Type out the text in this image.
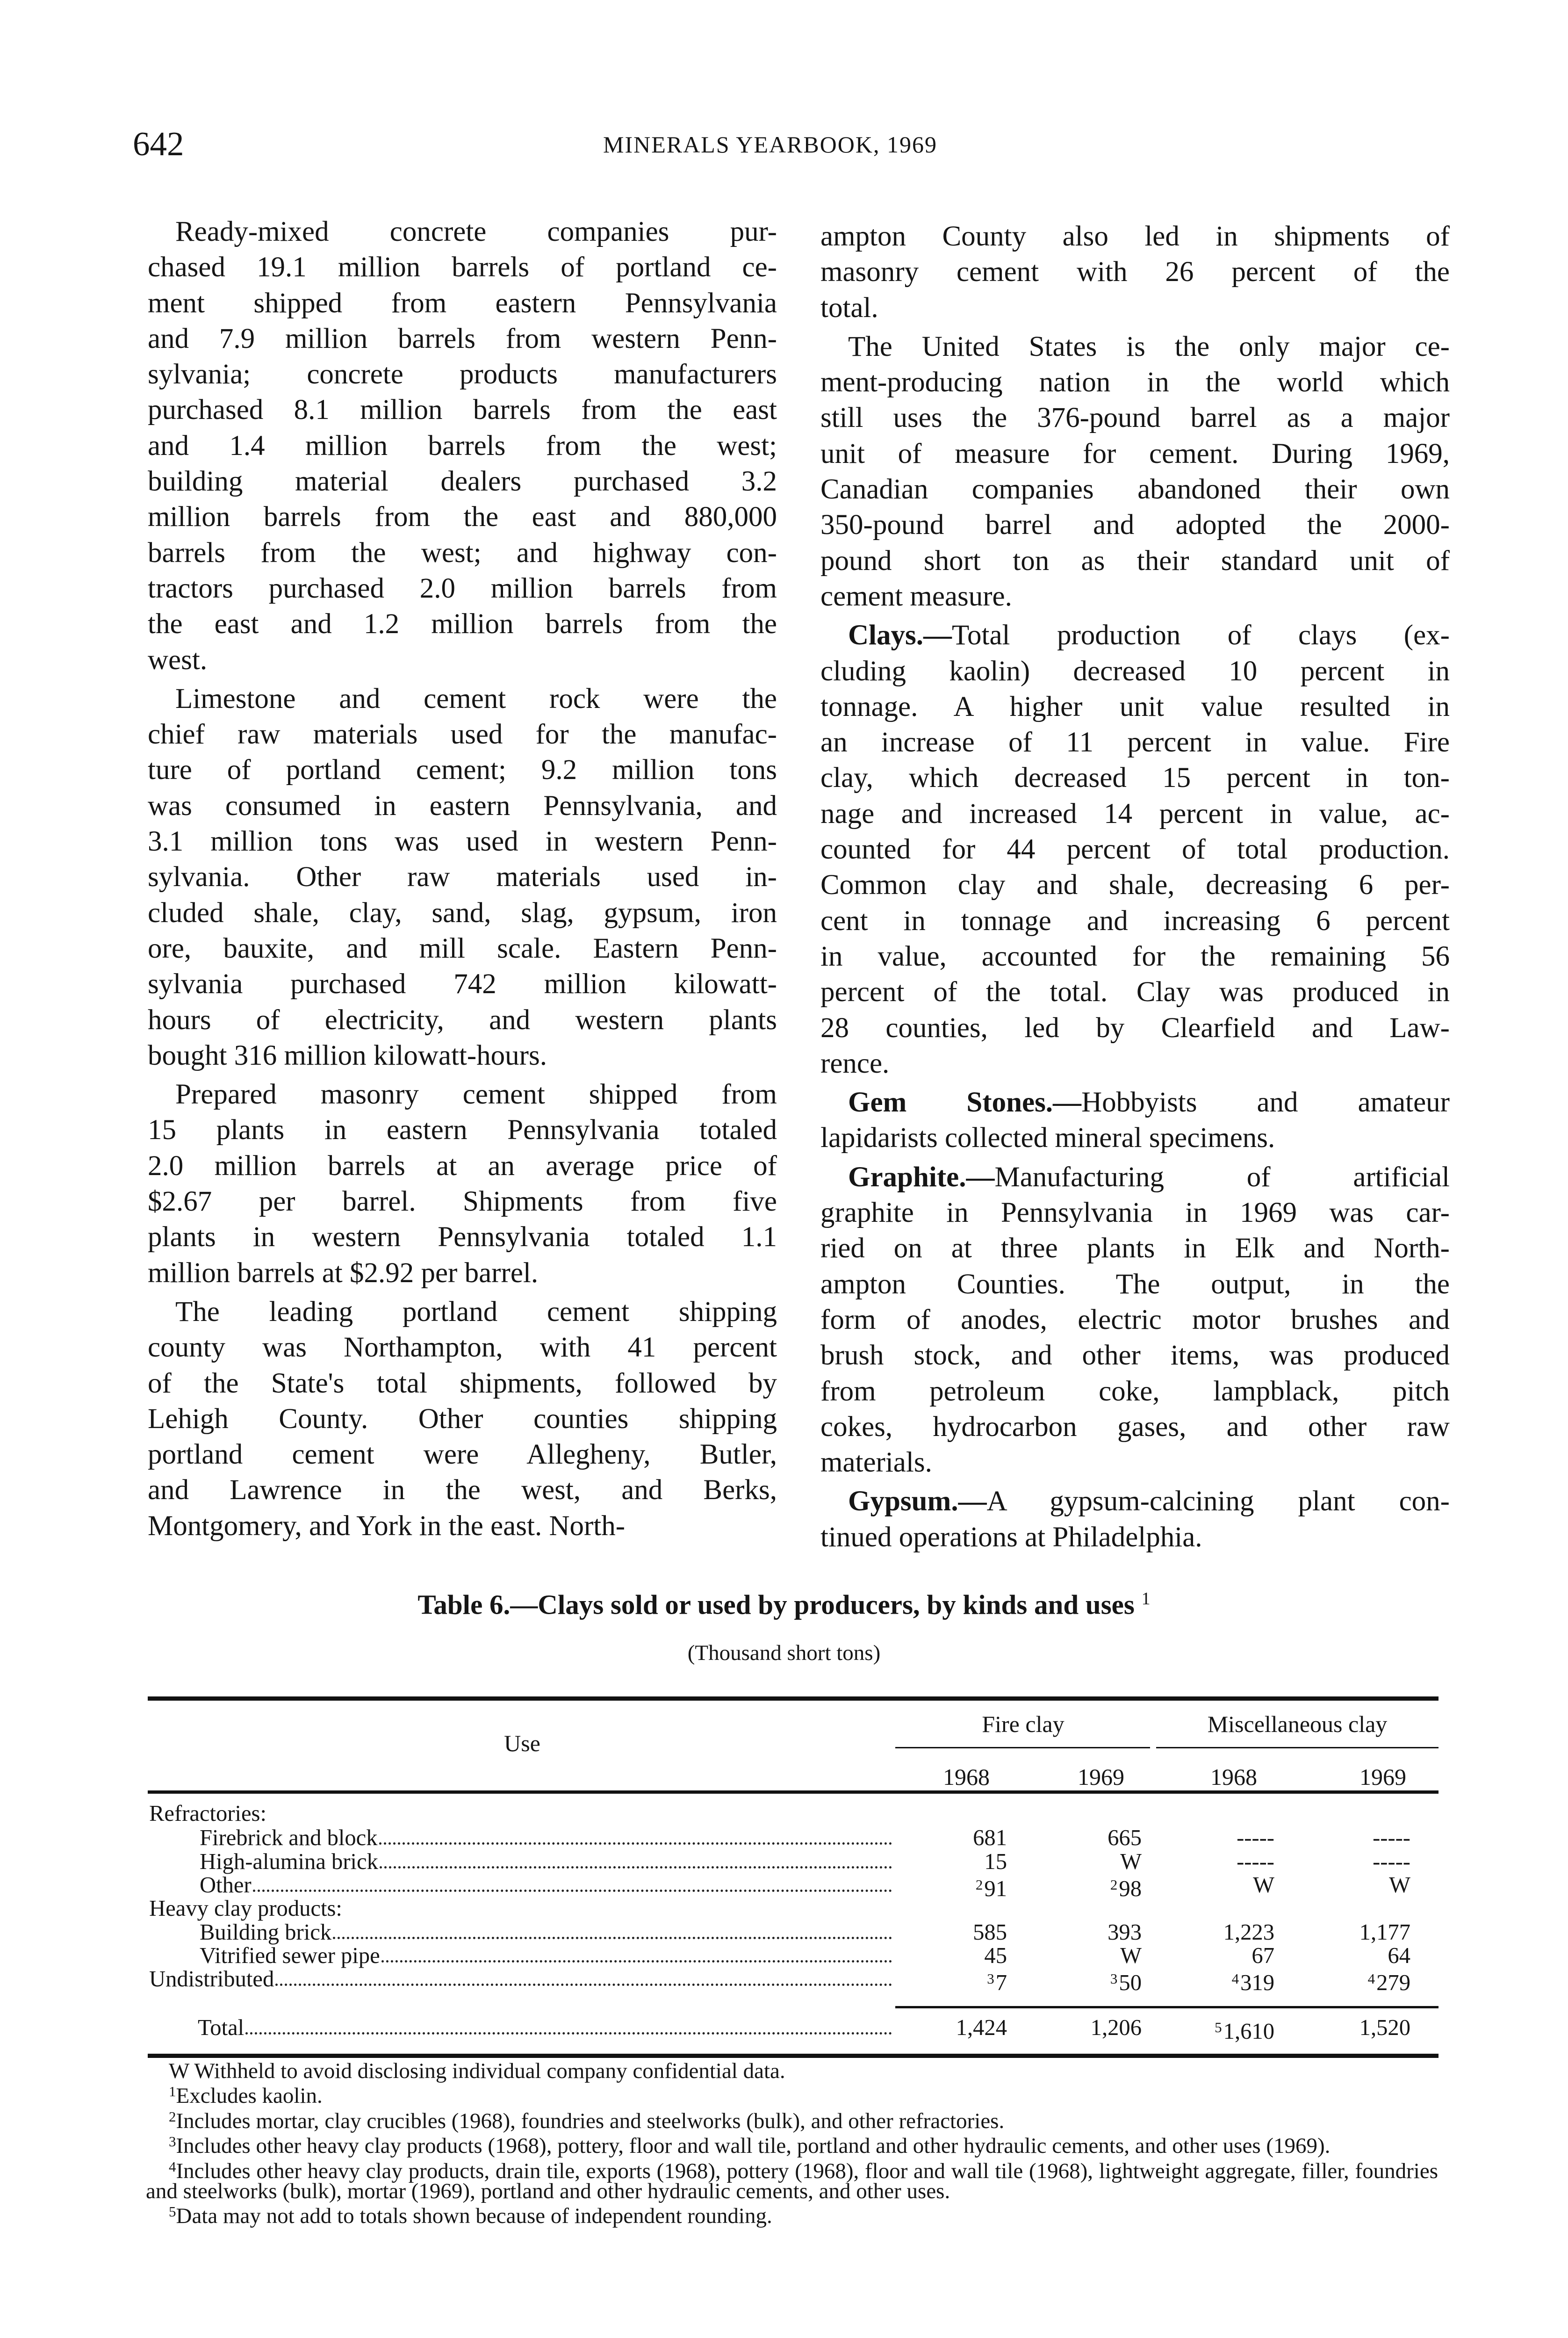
642	MINERALS YEARBOOK, 1969
Ready-mixed concrete companies pur-
chased 19.1 million barrels of portland ce-
ment shipped from eastern Pennsylvania
and 7.9 million barrels from western Penn-
sylvania; concrete products manufacturers
purchased 8.1 million barrels from the east
and 1.4 million barrels from the west;
building material dealers purchased 3.2
million barrels from the east and 880,000
barrels from the west; and highway con-
tractors purchased 2.0 million barrels from
the east and 1.2 million barrels from the
west.
Limestone and cement rock were the
chief raw materials used for the manufac-
ture of portland cement; 9.2 million tons
was consumed in eastern Pennsylvania, and
3.1 million tons was used in western Penn-
sylvania. Other raw materials used in-
cluded shale, clay, sand, slag, gypsum, iron
ore, bauxite, and mill scale. Eastern Penn-
sylvania purchased 742 million kilowatt-
hours of electricity, and western plants
bought 316 million kilowatt-hours.
Prepared masonry cement shipped from
15 plants in eastern Pennsylvania totaled
2.0 million barrels at an average price of
$2.67 per barrel. Shipments from five
plants in western Pennsylvania totaled 1.1
million barrels at $2.92 per barrel.
The leading portland cement shipping
county was Northampton, with 41 percent
of the State's total shipments, followed by
Lehigh County. Other counties shipping
portland cement were Allegheny, Butler,
and Lawrence in the west, and Berks,
Montgomery, and York in the east. North-
ampton County also led in shipments of
masonry cement with 26 percent of the
total.
The United States is the only major ce-
ment-producing nation in the world which
still uses the 376-pound barrel as a major
unit of measure for cement. During 1969,
Canadian companies abandoned their own
350-pound barrel and adopted the 2000-
pound short ton as their standard unit of
cement measure.
Clays.—Total production of clays (ex-
cluding kaolin) decreased 10 percent in
tonnage. A higher unit value resulted in
an increase of 11 percent in value. Fire
clay, which decreased 15 percent in ton-
nage and increased 14 percent in value, ac-
counted for 44 percent of total production.
Common clay and shale, decreasing 6 per-
cent in tonnage and increasing 6 percent
in value, accounted for the remaining 56
percent of the total. Clay was produced in
28 counties, led by Clearfield and Law-
rence.
Gem Stones.—Hobbyists and amateur
lapidarists collected mineral specimens.
Graphite.—Manufacturing of artificial
graphite in Pennsylvania in 1969 was car-
ried on at three plants in Elk and North-
ampton Counties. The output, in the
form of anodes, electric motor brushes and
brush stock, and other items, was produced
from petroleum coke, lampblack, pitch
cokes, hydrocarbon gases, and other raw
materials.
Gypsum.—A gypsum-calcining plant con-
tinued operations at Philadelphia.
Table 6.—Clays sold or used by producers, by kinds and uses $^1$
(Thousand short tons)
Use
Fire clay	Miscellaneous clay
1968	1969	1968	1969
Refractories:
Firebrick and block	681	665	-----	-----
High-alumina brick	15	W	-----	-----
Other	$^2$91	$^2$98	W	W
Heavy clay products:
Building brick	585	393	1,223	1,177
Vitrified sewer pipe	45	W	67	64
Undistributed	$^3$7	$^3$50	$^4$319	$^4$279
Total	1,424	1,206	$^5$1,610	1,520
W Withheld to avoid disclosing individual company confidential data.
$^1$Excludes kaolin.
$^2$Includes mortar, clay crucibles (1968), foundries and steelworks (bulk), and other refractories.
$^3$Includes other heavy clay products (1968), pottery, floor and wall tile, portland and other hydraulic cements, and other uses (1969).
$^4$Includes other heavy clay products, drain tile, exports (1968), pottery (1968), floor and wall tile (1968), lightweight aggregate, filler, foundries and steelworks (bulk), mortar (1969), portland and other hydraulic cements, and other uses.
$^5$Data may not add to totals shown because of independent rounding.
